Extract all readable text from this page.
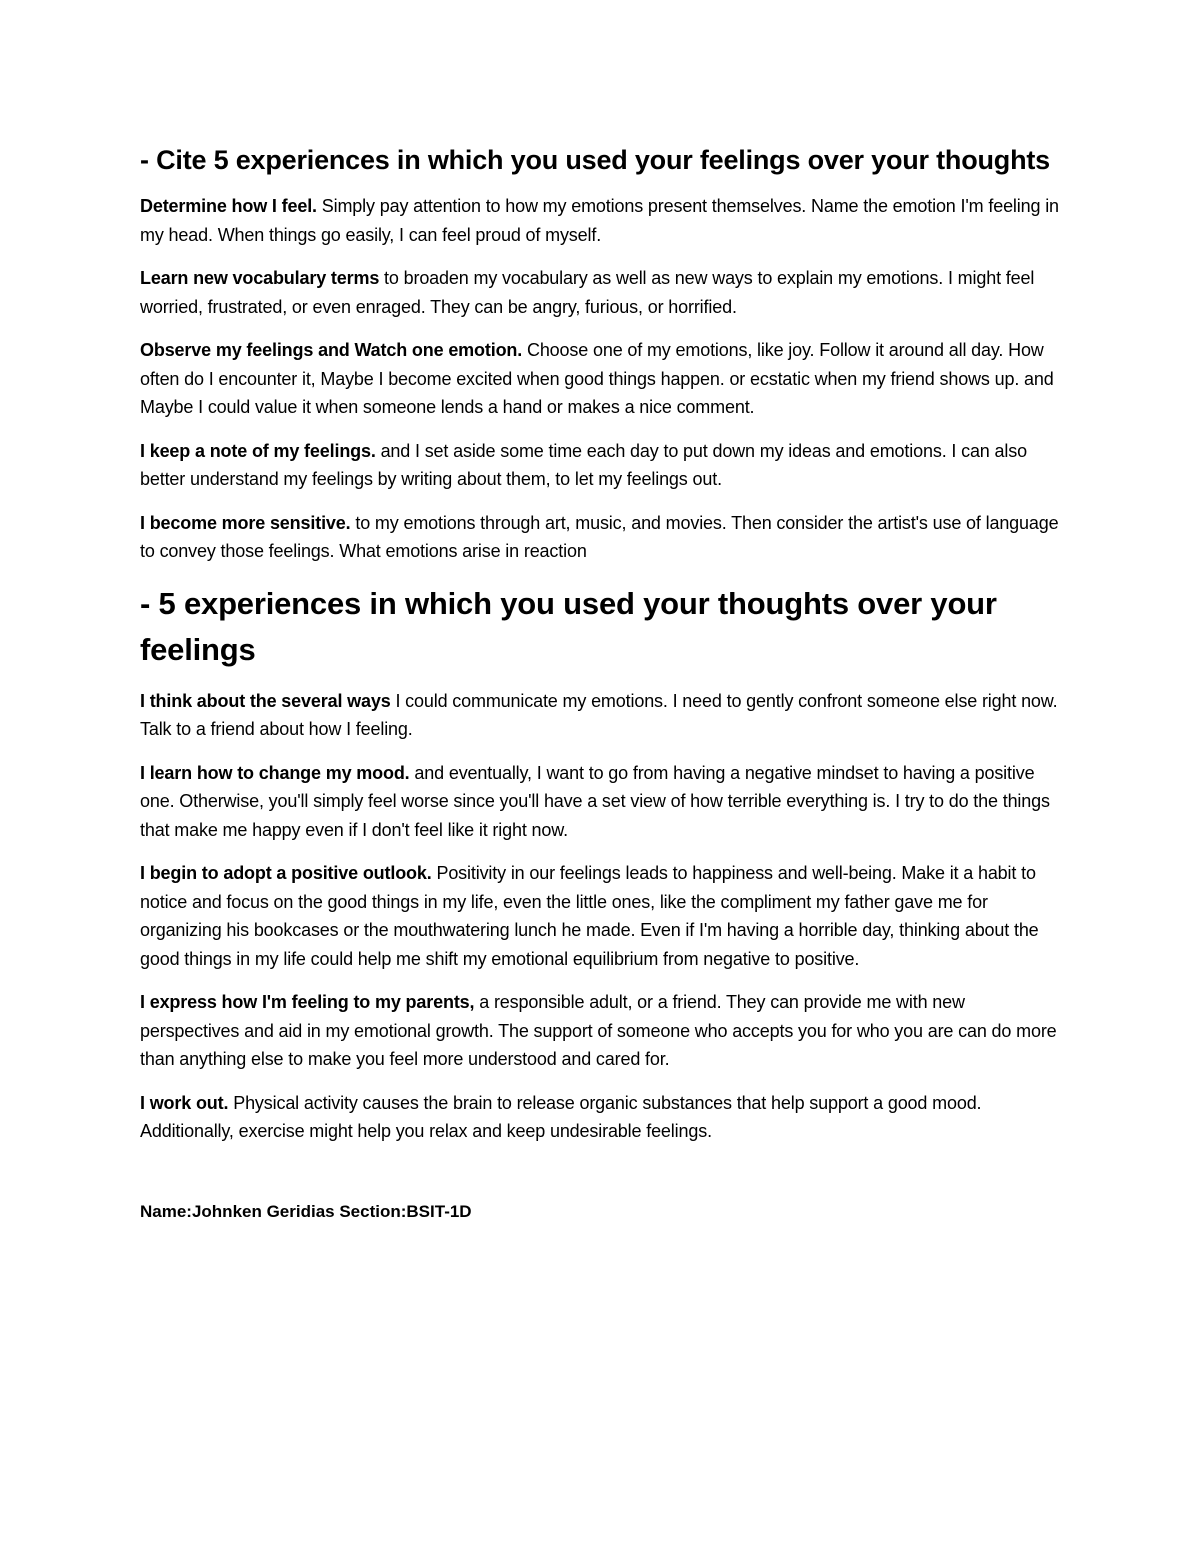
- Cite 5 experiences in which you used your feelings over your thoughts

Determine how I feel. Simply pay attention to how my emotions present themselves. Name the emotion I'm feeling in my head. When things go easily, I can feel proud of myself.

Learn new vocabulary terms to broaden my vocabulary as well as new ways to explain my emotions. I might feel worried, frustrated, or even enraged. They can be angry, furious, or horrified.

Observe my feelings and Watch one emotion. Choose one of my emotions, like joy. Follow it around all day. How often do I encounter it, Maybe I become excited when good things happen. or ecstatic when my friend shows up. and Maybe I could value it when someone lends a hand or makes a nice comment.

I keep a note of my feelings. and I set aside some time each day to put down my ideas and emotions. I can also better understand my feelings by writing about them, to let my feelings out.

I become more sensitive. to my emotions through art, music, and movies. Then consider the artist's use of language to convey those feelings. What emotions arise in reaction

- 5 experiences in which you used your thoughts over your feelings

I think about the several ways I could communicate my emotions. I need to gently confront someone else right now. Talk to a friend about how I feeling.

I learn how to change my mood. and eventually, I want to go from having a negative mindset to having a positive one. Otherwise, you'll simply feel worse since you'll have a set view of how terrible everything is. I try to do the things that make me happy even if I don't feel like it right now.

I begin to adopt a positive outlook. Positivity in our feelings leads to happiness and well-being. Make it a habit to notice and focus on the good things in my life, even the little ones, like the compliment my father gave me for organizing his bookcases or the mouthwatering lunch he made. Even if I'm having a horrible day, thinking about the good things in my life could help me shift my emotional equilibrium from negative to positive.

I express how I'm feeling to my parents, a responsible adult, or a friend. They can provide me with new perspectives and aid in my emotional growth. The support of someone who accepts you for who you are can do more than anything else to make you feel more understood and cared for.

I work out. Physical activity causes the brain to release organic substances that help support a good mood. Additionally, exercise might help you relax and keep undesirable feelings.

Name:Johnken Geridias Section:BSIT-1D
